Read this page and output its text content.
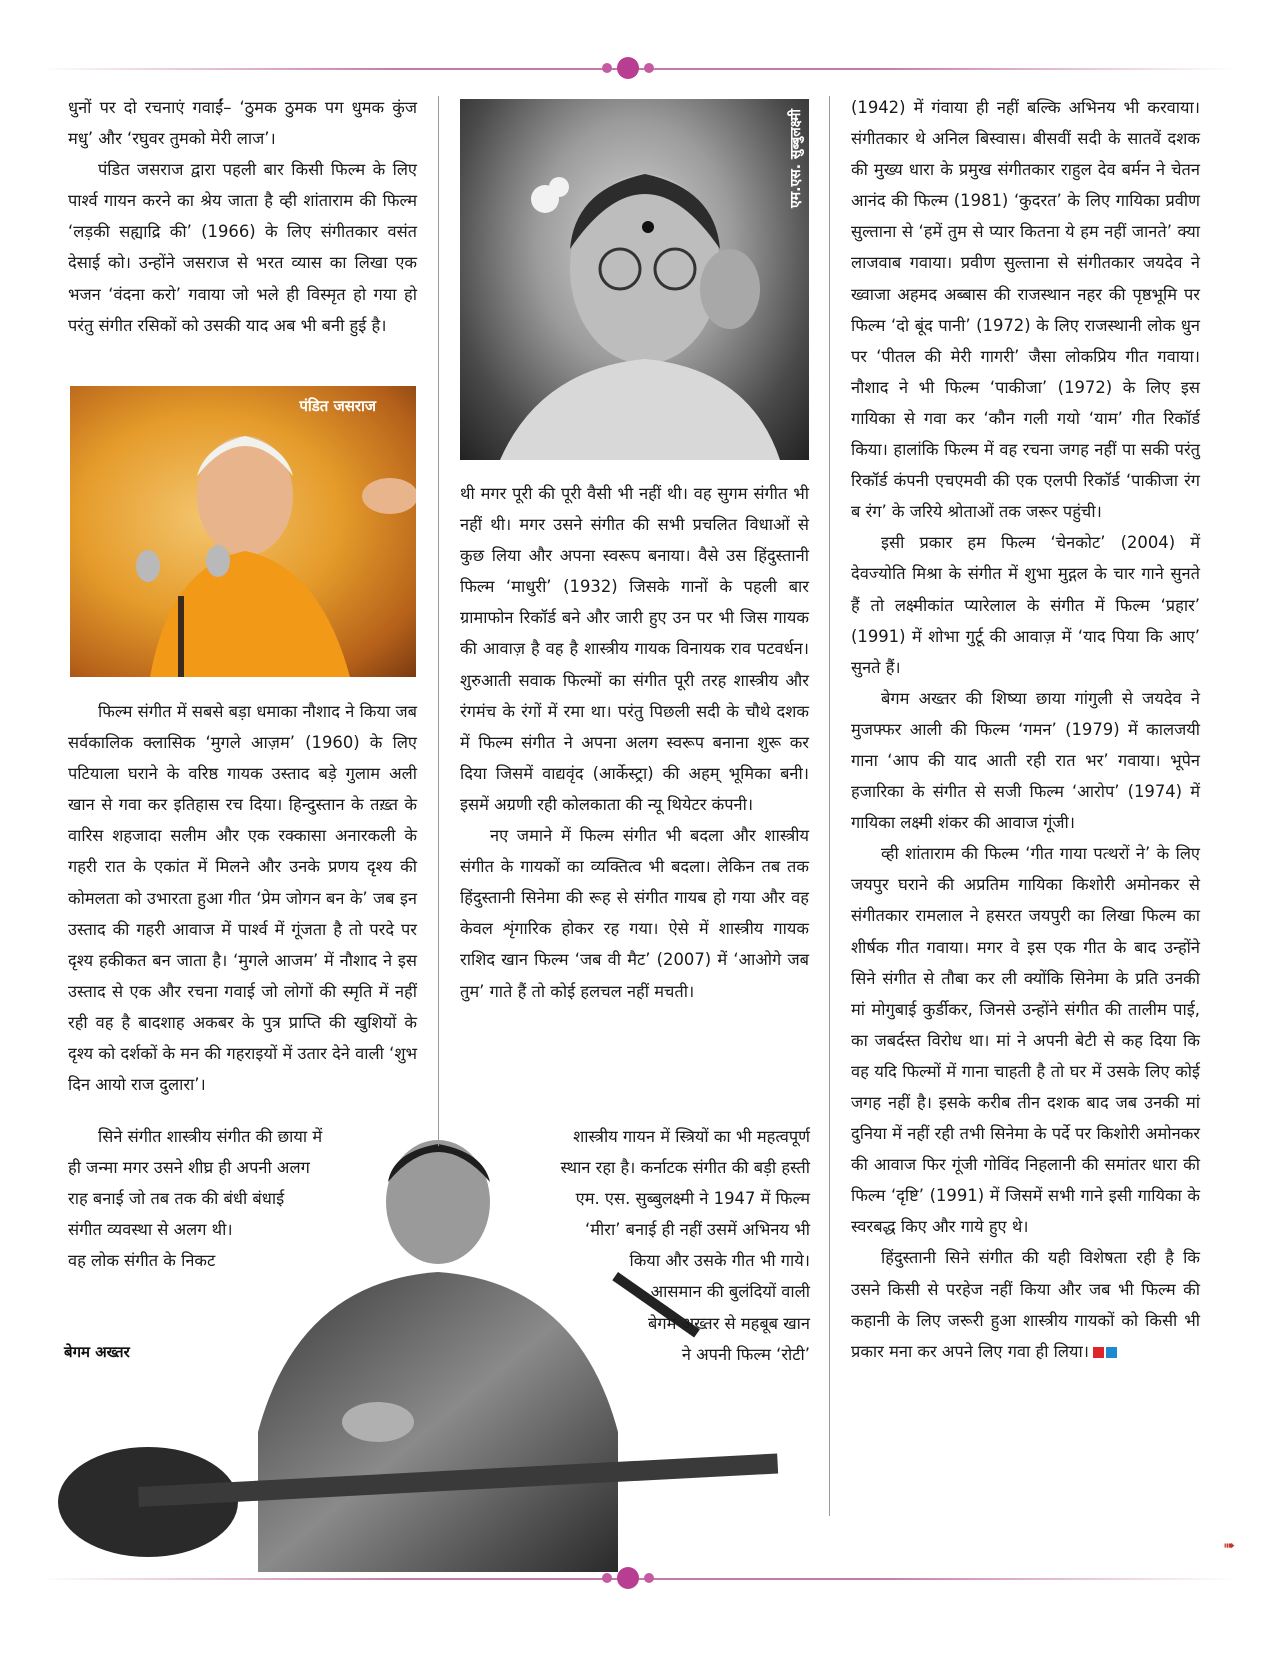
धुनों पर दो रचनाएं गवाईं– ‘ठुमक ठुमक पग धुमक कुंज मधु’ और ‘रघुवर तुमको मेरी लाज’।

पंडित जसराज द्वारा पहली बार किसी फिल्म के लिए पार्श्व गायन करने का श्रेय जाता है व्ही शांताराम की फिल्म ‘लड़की सह्याद्रि की’ (1966) के लिए संगीतकार वसंत देसाई को। उन्होंने जसराज से भरत व्यास का लिखा एक भजन ‘वंदना करो’ गवाया जो भले ही विस्मृत हो गया हो परंतु संगीत रसिकों को उसकी याद अब भी बनी हुई है।

पंडित जसराज

फिल्म संगीत में सबसे बड़ा धमाका नौशाद ने किया जब सर्वकालिक क्लासिक ‘मुगले आज़म’ (1960) के लिए पटियाला घराने के वरिष्ठ गायक उस्ताद बड़े गुलाम अली खान से गवा कर इतिहास रच दिया। हिन्दुस्तान के तख़्त के वारिस शहजादा सलीम और एक रक्कासा अनारकली के गहरी रात के एकांत में मिलने और उनके प्रणय दृश्य की कोमलता को उभारता हुआ गीत ‘प्रेम जोगन बन के’ जब इन उस्ताद की गहरी आवाज में पार्श्व में गूंजता है तो परदे पर दृश्य हकीकत बन जाता है। ‘मुगले आजम’ में नौशाद ने इस उस्ताद से एक और रचना गवाई जो लोगों की स्मृति में नहीं रही वह है बादशाह अकबर के पुत्र प्राप्ति की खुशियों के दृश्य को दर्शकों के मन की गहराइयों में उतार देने वाली ‘शुभ दिन आयो राज दुलारा’।

सिने संगीत शास्त्रीय संगीत की छाया में
ही जन्मा मगर उसने शीघ्र ही अपनी अलग
राह बनाई जो तब तक की बंधी बंधाई
संगीत व्यवस्था से अलग थी।
वह लोक संगीत के निकट
बेगम अख्तर
एम.एस. सुब्बुलक्ष्मी

थी मगर पूरी की पूरी वैसी भी नहीं थी। वह सुगम संगीत भी नहीं थी। मगर उसने संगीत की सभी प्रचलित विधाओं से कुछ लिया और अपना स्वरूप बनाया। वैसे उस हिंदुस्तानी फिल्म ‘माधुरी’ (1932) जिसके गानों के पहली बार ग्रामाफोन रिकॉर्ड बने और जारी हुए उन पर भी जिस गायक की आवाज़ है वह है शास्त्रीय गायक विनायक राव पटवर्धन। शुरुआती सवाक फिल्मों का संगीत पूरी तरह शास्त्रीय और रंगमंच के रंगों में रमा था। परंतु पिछली सदी के चौथे दशक में फिल्म संगीत ने अपना अलग स्वरूप बनाना शुरू कर दिया जिसमें वाद्यवृंद (आर्केस्ट्रा) की अहम् भूमिका बनी। इसमें अग्रणी रही कोलकाता की न्यू थियेटर कंपनी।

नए जमाने में फिल्म संगीत भी बदला और शास्त्रीय संगीत के गायकों का व्यक्तित्व भी बदला। लेकिन तब तक हिंदुस्तानी सिनेमा की रूह से संगीत गायब हो गया और वह केवल शृंगारिक होकर रह गया। ऐसे में शास्त्रीय गायक राशिद खान फिल्म ‘जब वी मैट’ (2007) में ‘आओगे जब तुम’ गाते हैं तो कोई हलचल नहीं मचती।

शास्त्रीय गायन में स्त्रियों का भी महत्वपूर्ण
स्थान रहा है। कर्नाटक संगीत की बड़ी हस्ती
एम. एस. सुब्बुलक्ष्मी ने 1947 में फिल्म
‘मीरा’ बनाई ही नहीं उसमें अभिनय भी
किया और उसके गीत भी गाये।
आसमान की बुलंदियों वाली
बेगम अख्तर से महबूब खान
ने अपनी फिल्म ‘रोटी’

(1942) में गंवाया ही नहीं बल्कि अभिनय भी करवाया। संगीतकार थे अनिल बिस्वास। बीसवीं सदी के सातवें दशक की मुख्य धारा के प्रमुख संगीतकार राहुल देव बर्मन ने चेतन आनंद की फिल्म (1981) ‘कुदरत’ के लिए गायिका प्रवीण सुल्ताना से ‘हमें तुम से प्यार कितना ये हम नहीं जानते’ क्या लाजवाब गवाया। प्रवीण सुल्ताना से संगीतकार जयदेव ने ख्वाजा अहमद अब्बास की राजस्थान नहर की पृष्ठभूमि पर फिल्म ‘दो बूंद पानी’ (1972) के लिए राजस्थानी लोक धुन पर ‘पीतल की मेरी गागरी’ जैसा लोकप्रिय गीत गवाया। नौशाद ने भी फिल्म ‘पाकीजा’ (1972) के लिए इस गायिका से गवा कर ‘कौन गली गयो ‘याम’ गीत रिकॉर्ड किया। हालांकि फिल्म में वह रचना जगह नहीं पा सकी परंतु रिकॉर्ड कंपनी एचएमवी की एक एलपी रिकॉर्ड ‘पाकीजा रंग ब रंग’ के जरिये श्रोताओं तक जरूर पहुंची।

इसी प्रकार हम फिल्म ‘चेनकोट’ (2004) में देवज्योति मिश्रा के संगीत में शुभा मुद्गल के चार गाने सुनते हैं तो लक्ष्मीकांत प्यारेलाल के संगीत में फिल्म ‘प्रहार’ (1991) में शोभा गुर्टू की आवाज़ में ‘याद पिया कि आए’ सुनते हैं।

बेगम अख्तर की शिष्या छाया गांगुली से जयदेव ने मुजफ्फर आली की फिल्म ‘गमन’ (1979) में कालजयी गाना ‘आप की याद आती रही रात भर’ गवाया। भूपेन हजारिका के संगीत से सजी फिल्म ‘आरोप’ (1974) में गायिका लक्ष्मी शंकर की आवाज गूंजी।

व्ही शांताराम की फिल्म ‘गीत गाया पत्थरों ने’ के लिए जयपुर घराने की अप्रतिम गायिका किशोरी अमोनकर से संगीतकार रामलाल ने हसरत जयपुरी का लिखा फिल्म का शीर्षक गीत गवाया। मगर वे इस एक गीत के बाद उन्होंने सिने संगीत से तौबा कर ली क्योंकि सिनेमा के प्रति उनकी मां मोगुबाई कुर्डीकर, जिनसे उन्होंने संगीत की तालीम पाई, का जबर्दस्त विरोध था। मां ने अपनी बेटी से कह दिया कि वह यदि फिल्मों में गाना चाहती है तो घर में उसके लिए कोई जगह नहीं है। इसके करीब तीन दशक बाद जब उनकी मां दुनिया में नहीं रही तभी सिनेमा के पर्दे पर किशोरी अमोनकर की आवाज फिर गूंजी गोविंद निहलानी की समांतर धारा की फिल्म ‘दृष्टि’ (1991) में जिसमें सभी गाने इसी गायिका के स्वरबद्ध किए और गाये हुए थे।

हिंदुस्तानी सिने संगीत की यही विशेषता रही है कि उसने किसी से परहेज नहीं किया और जब भी फिल्म की कहानी के लिए जरूरी हुआ शास्त्रीय गायकों को किसी भी प्रकार मना कर अपने लिए गवा ही लिया।

➠
